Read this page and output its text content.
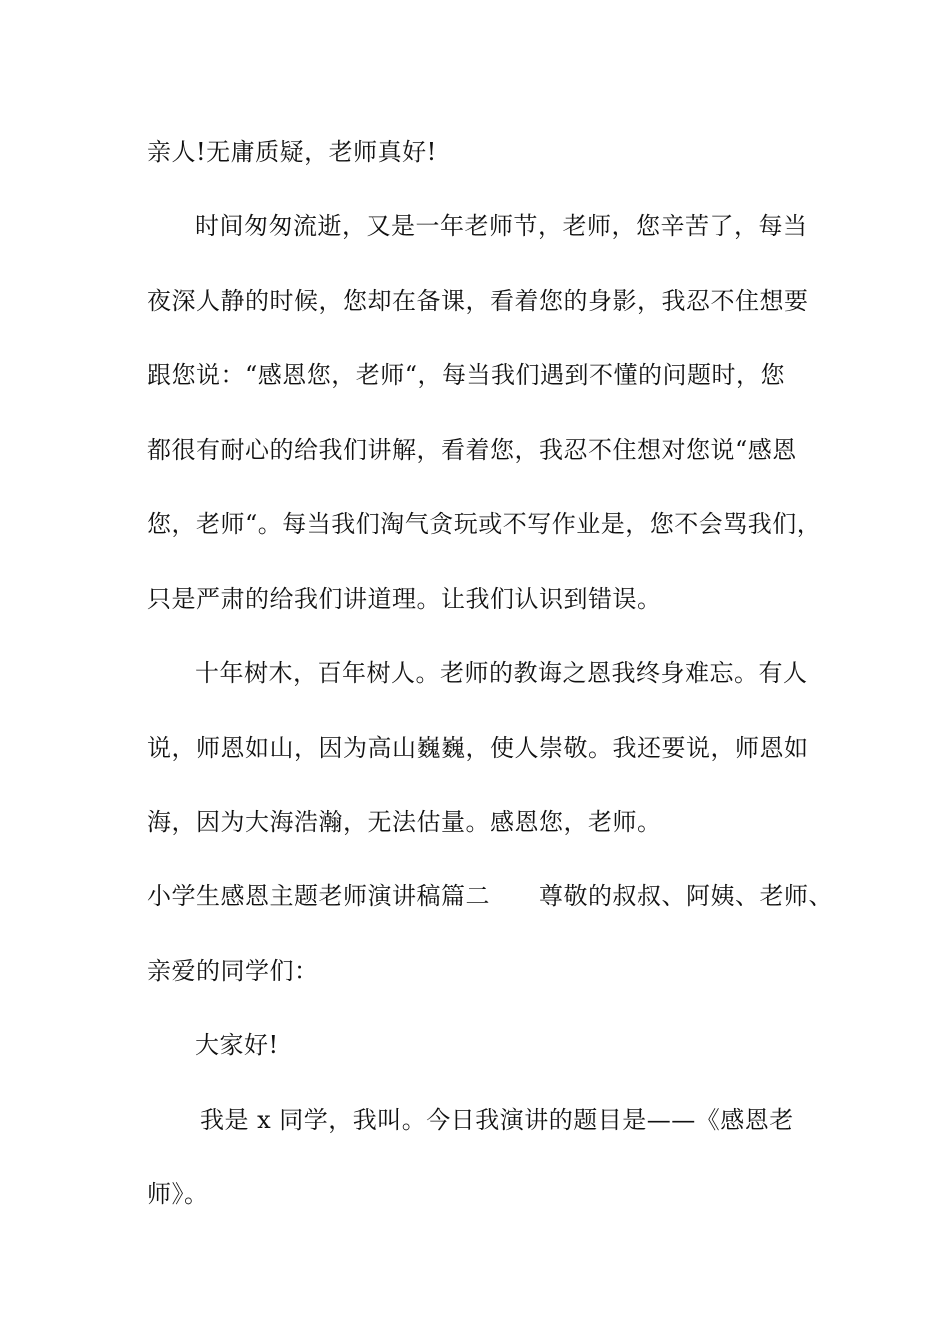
亲人!无庸质疑，老师真好!
时间匆匆流逝，又是一年老师节，老师，您辛苦了，每当
夜深人静的时候，您却在备课，看着您的身影，我忍不住想要
跟您说：“感恩您，老师“，每当我们遇到不懂的问题时，您
都很有耐心的给我们讲解，看着您，我忍不住想对您说“感恩
您，老师“。每当我们淘气贪玩或不写作业是，您不会骂我们，
只是严肃的给我们讲道理。让我们认识到错误。
十年树木，百年树人。老师的教诲之恩我终身难忘。有人
说，师恩如山，因为高山巍巍，使人崇敬。我还要说，师恩如
海，因为大海浩瀚，无法估量。感恩您，老师。
小学生感恩主题老师演讲稿篇二　　尊敬的叔叔、阿姨、老师、
亲爱的同学们：
大家好!
我是 x 同学，我叫。今日我演讲的题目是——《感恩老
师》。
